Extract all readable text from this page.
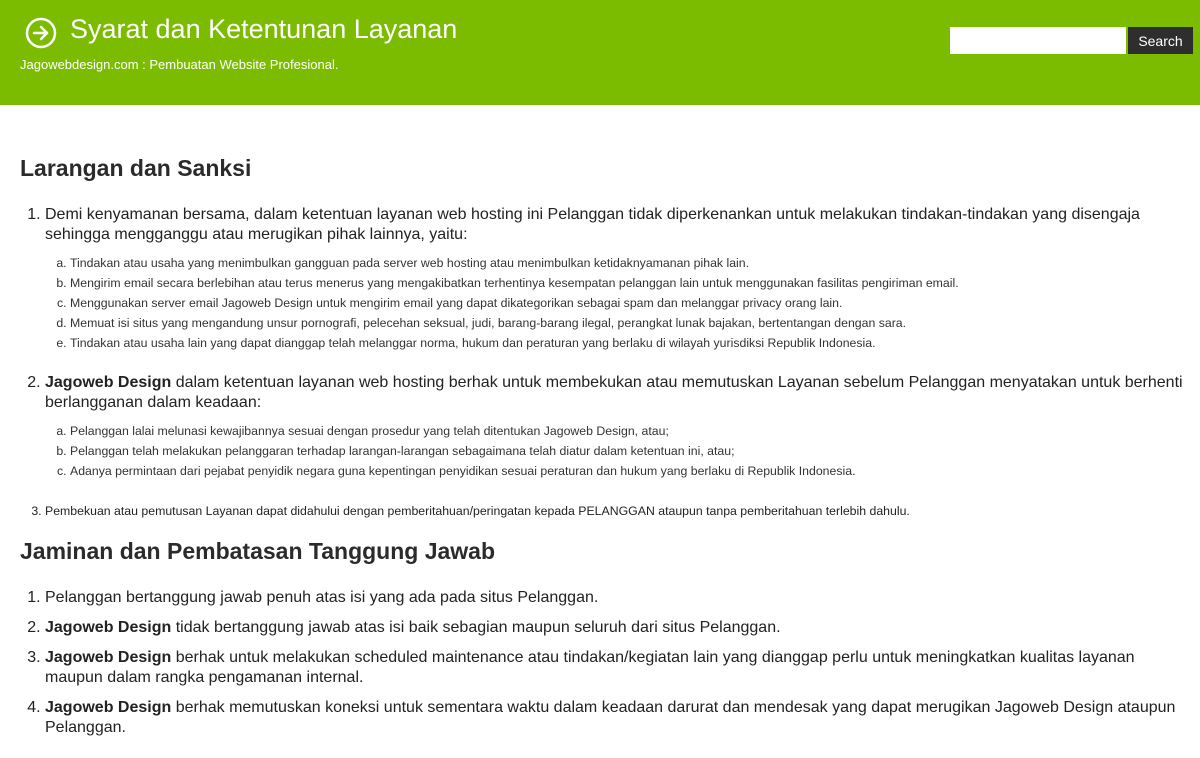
Syarat dan Ketentunan Layanan
Jagowebdesign.com : Pembuatan Website Profesional.
Search
Larangan dan Sanksi
1. Demi kenyamanan bersama, dalam ketentuan layanan web hosting ini Pelanggan tidak diperkenankan untuk melakukan tindakan-tindakan yang disengaja sehingga mengganggu atau merugikan pihak lainnya, yaitu:
a. Tindakan atau usaha yang menimbulkan gangguan pada server web hosting atau menimbulkan ketidaknyamanan pihak lain.
b. Mengirim email secara berlebihan atau terus menerus yang mengakibatkan terhentinya kesempatan pelanggan lain untuk menggunakan fasilitas pengiriman email.
c. Menggunakan server email Jagoweb Design untuk mengirim email yang dapat dikategorikan sebagai spam dan melanggar privacy orang lain.
d. Memuat isi situs yang mengandung unsur pornografi, pelecehan seksual, judi, barang-barang ilegal, perangkat lunak bajakan, bertentangan dengan sara.
e. Tindakan atau usaha lain yang dapat dianggap telah melanggar norma, hukum dan peraturan yang berlaku di wilayah yurisdiksi Republik Indonesia.
2. Jagoweb Design dalam ketentuan layanan web hosting berhak untuk membekukan atau memutuskan Layanan sebelum Pelanggan menyatakan untuk berhenti berlangganan dalam keadaan:
a. Pelanggan lalai melunasi kewajibannya sesuai dengan prosedur yang telah ditentukan Jagoweb Design, atau;
b. Pelanggan telah melakukan pelanggaran terhadap larangan-larangan sebagaimana telah diatur dalam ketentuan ini, atau;
c. Adanya permintaan dari pejabat penyidik negara guna kepentingan penyidikan sesuai peraturan dan hukum yang berlaku di Republik Indonesia.
3. Pembekuan atau pemutusan Layanan dapat didahului dengan pemberitahuan/peringatan kepada PELANGGAN ataupun tanpa pemberitahuan terlebih dahulu.
Jaminan dan Pembatasan Tanggung Jawab
1. Pelanggan bertanggung jawab penuh atas isi yang ada pada situs Pelanggan.
2. Jagoweb Design tidak bertanggung jawab atas isi baik sebagian maupun seluruh dari situs Pelanggan.
3. Jagoweb Design berhak untuk melakukan scheduled maintenance atau tindakan/kegiatan lain yang dianggap perlu untuk meningkatkan kualitas layanan maupun dalam rangka pengamanan internal.
4. Jagoweb Design berhak memutuskan koneksi untuk sementara waktu dalam keadaan darurat dan mendesak yang dapat merugikan Jagoweb Design ataupun Pelanggan.
